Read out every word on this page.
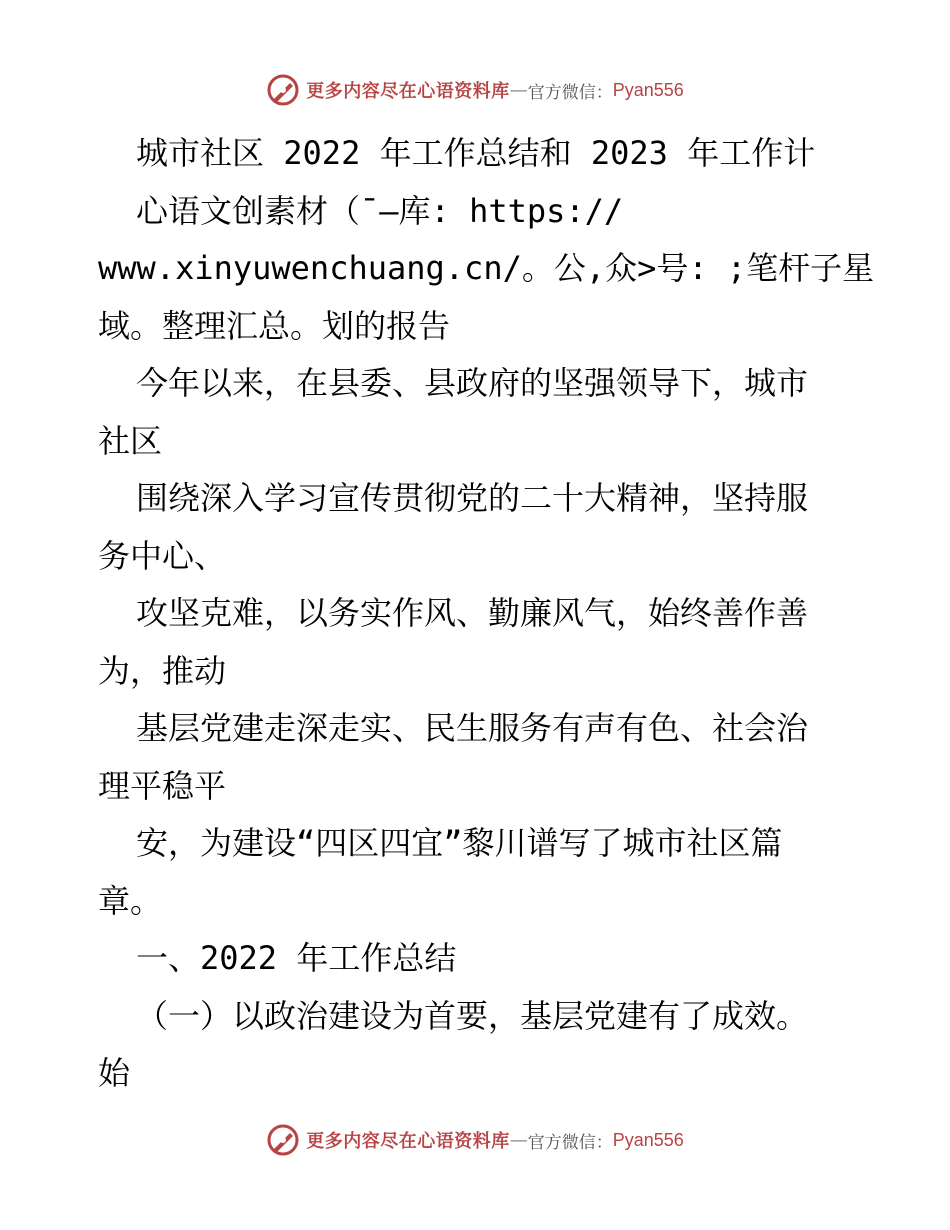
更多内容尽在心语资料库 — 官方微信： Pyan556
城市社区 2022 年工作总结和 2023 年工作计
心语文创素材（¯—库: https://
www.xinyuwenchuang.cn/。公,众>号: ;笔杆子星
域。整理汇总。划的报告
今年以来，在县委、县政府的坚强领导下，城市
社区
围绕深入学习宣传贯彻党的二十大精神，坚持服
务中心、
攻坚克难，以务实作风、勤廉风气，始终善作善
为，推动
基层党建走深走实、民生服务有声有色、社会治
理平稳平
安，为建设“四区四宜”黎川谱写了城市社区篇
章。
一、2022 年工作总结
（一）以政治建设为首要，基层党建有了成效。
始
更多内容尽在心语资料库 — 官方微信： Pyan556
